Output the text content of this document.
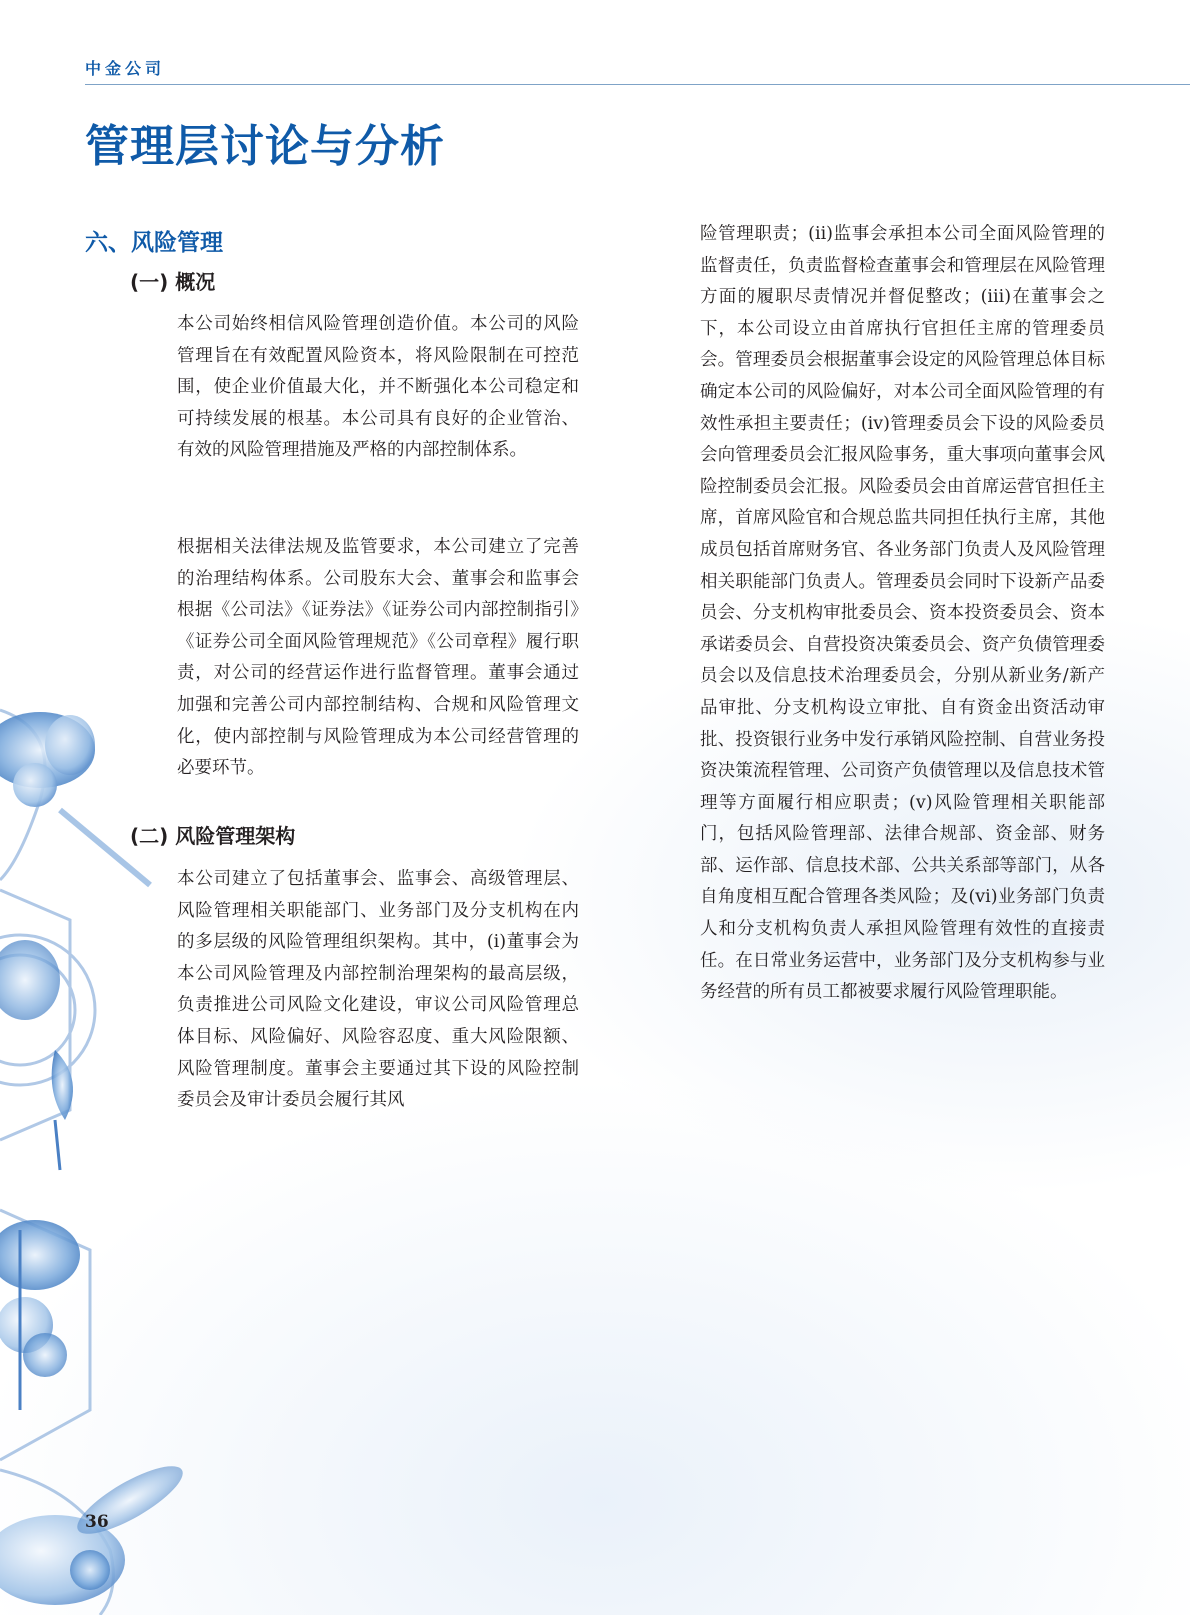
中金公司
管理层讨论与分析
六、风险管理
(一) 概况

本公司始终相信风险管理创造价值。本公司的风险管理旨在有效配置风险资本，将风险限制在可控范围，使企业价值最大化，并不断强化本公司稳定和可持续发展的根基。本公司具有良好的企业管治、有效的风险管理措施及严格的内部控制体系。

根据相关法律法规及监管要求，本公司建立了完善的治理结构体系。公司股东大会、董事会和监事会根据《公司法》《证券法》《证券公司内部控制指引》《证券公司全面风险管理规范》《公司章程》履行职责，对公司的经营运作进行监督管理。董事会通过加强和完善公司内部控制结构、合规和风险管理文化，使内部控制与风险管理成为本公司经营管理的必要环节。

(二) 风险管理架构

本公司建立了包括董事会、监事会、高级管理层、风险管理相关职能部门、业务部门及分支机构在内的多层级的风险管理组织架构。其中，(i)董事会为本公司风险管理及内部控制治理架构的最高层级，负责推进公司风险文化建设，审议公司风险管理总体目标、风险偏好、风险容忍度、重大风险限额、风险管理制度。董事会主要通过其下设的风险控制委员会及审计委员会履行其风

险管理职责；(ii)监事会承担本公司全面风险管理的监督责任，负责监督检查董事会和管理层在风险管理方面的履职尽责情况并督促整改；(iii)在董事会之下，本公司设立由首席执行官担任主席的管理委员会。管理委员会根据董事会设定的风险管理总体目标确定本公司的风险偏好，对本公司全面风险管理的有效性承担主要责任；(iv)管理委员会下设的风险委员会向管理委员会汇报风险事务，重大事项向董事会风险控制委员会汇报。风险委员会由首席运营官担任主席，首席风险官和合规总监共同担任执行主席，其他成员包括首席财务官、各业务部门负责人及风险管理相关职能部门负责人。管理委员会同时下设新产品委员会、分支机构审批委员会、资本投资委员会、资本承诺委员会、自营投资决策委员会、资产负债管理委员会以及信息技术治理委员会，分别从新业务/新产品审批、分支机构设立审批、自有资金出资活动审批、投资银行业务中发行承销风险控制、自营业务投资决策流程管理、公司资产负债管理以及信息技术管理等方面履行相应职责；(v)风险管理相关职能部门，包括风险管理部、法律合规部、资金部、财务部、运作部、信息技术部、公共关系部等部门，从各自角度相互配合管理各类风险；及(vi)业务部门负责人和分支机构负责人承担风险管理有效性的直接责任。在日常业务运营中，业务部门及分支机构参与业务经营的所有员工都被要求履行风险管理职能。

36
